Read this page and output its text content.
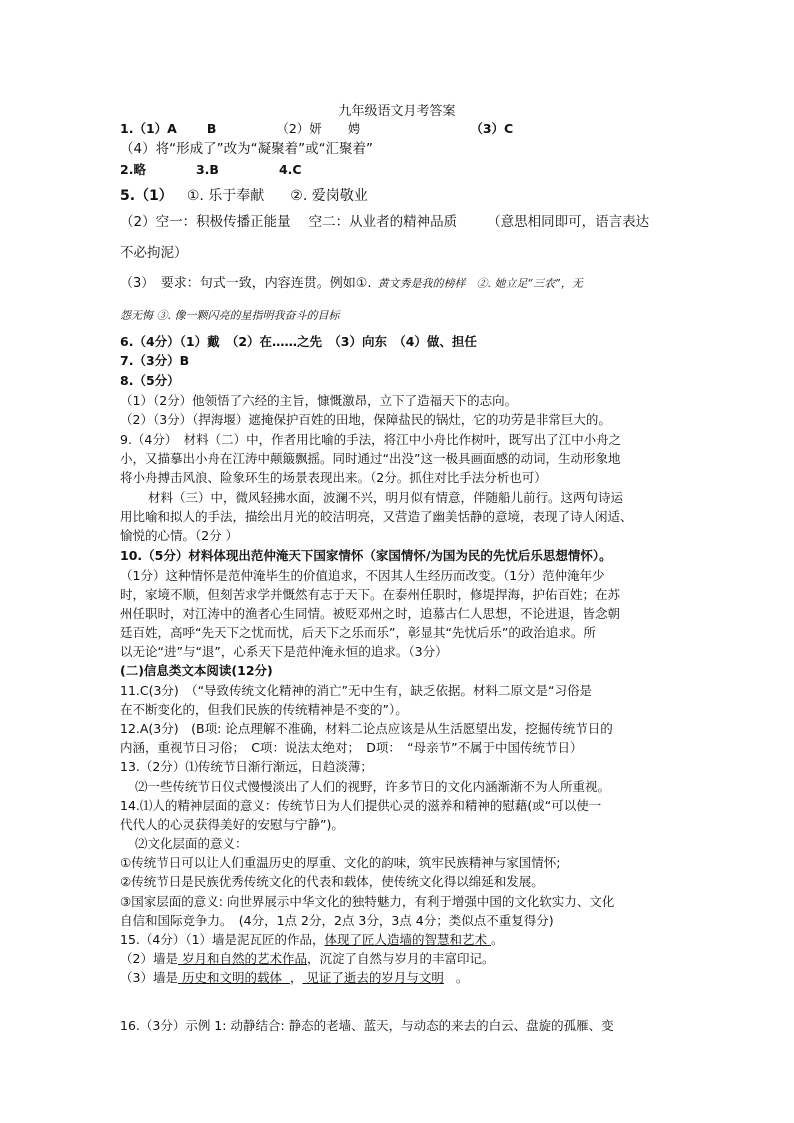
九年级语文月考答案
1.（1）A B	（2）妍 娉	（3）C
（4）将“形成了”改为“凝聚着”或“汇聚着”
2.略	3.B	4.C
5.（1） ①. 乐于奉献 ②. 爱岗敬业
（2）空一：积极传播正能量 空二：从业者的精神品质 （意思相同即可，语言表达
不必拘泥）
（3）　要求：句式一致，内容连贯。例如①. 黄文秀是我的榜样　②. 她立足“三农”，无
怨无悔 ③. 像一颗闪亮的星指明我奋斗的目标
6.（4分）（1）戴　（2）在……之先　（3）向东　（4）做、担任
7.（3分）B
8.（5分）
（1）（2分）他领悟了六经的主旨，慷慨激昂，立下了造福天下的志向。
（2）（3分）（捍海堰）遮掩保护百姓的田地，保障盐民的锅灶，它的功劳是非常巨大的。
9.（4分）　材料（二）中，作者用比喻的手法，将江中小舟比作树叶，既写出了江中小舟之
小，又描摹出小舟在江涛中颠簸飘摇。同时通过“出没”这一极具画面感的动词，生动形象地
将小舟搏击风浪、险象环生的场景表现出来。（2分。抓住对比手法分析也可）
材料（三）中，微风轻拂水面，波澜不兴，明月似有情意，伴随船儿前行。这两句诗运
用比喻和拟人的手法，描绘出月光的皎洁明亮，又营造了幽美恬静的意境，表现了诗人闲适、
愉悦的心情。（2分 ）
10.（5分）材料体现出范仲淹天下国家情怀（家国情怀/为国为民的先忧后乐思想情怀）。
（1分）这种情怀是范仲淹毕生的价值追求，不因其人生经历而改变。（1分）范仲淹年少
时，家境不顺，但刻苦求学并慨然有志于天下。在泰州任职时，修堤捍海，护佑百姓；在苏
州任职时，对江涛中的渔者心生同情。被贬邓州之时，追慕古仁人思想，不论进退，皆念朝
廷百姓，高呼“先天下之忧而忧，后天下之乐而乐”，彰显其“先忧后乐”的政治追求。所
以无论“进”与“退”，心系天下是范仲淹永恒的追求。（3分）
(二)信息类文本阅读(12分)
11.C(3分)　（“导致传统文化精神的消亡”无中生有，缺乏依据。材料二原文是“习俗是
在不断变化的，但我们民族的传统精神是不变的”）。
12.A(3分)　(B项: 论点理解不准确，材料二论点应该是从生活愿望出发，挖掘传统节日的
内涵，重视节日习俗；　C项：说法太绝对；　D项：　“母亲节”不属于中国传统节日）
13.（2分）⑴传统节日渐行渐远，日趋淡薄；
⑵一些传统节日仪式慢慢淡出了人们的视野，许多节日的文化内涵渐渐不为人所重视。
14.⑴人的精神层面的意义：传统节日为人们提供心灵的滋养和精神的慰藉(或“可以使一
代代人的心灵获得美好的安慰与宁静”)。
⑵文化层面的意义：
①传统节日可以让人们重温历史的厚重、文化的韵味，筑牢民族精神与家国情怀;
②传统节日是民族优秀传统文化的代表和载体，使传统文化得以绵延和发展。
③国家层面的意义: 向世界展示中华文化的独特魅力，有利于增强中国的文化软实力、文化
自信和国际竞争力。　(4分，1点 2分，2点 3分，3点 4分；类似点不重复得分)
15.（4分）（1）墙是泥瓦匠的作品，体现了匠人造墙的智慧和艺术 。
（2）墙是 岁月和自然的艺术作品，沉淀了自然与岁月的丰富印记。
（3）墙是 历史和文明的载体 ， 见证了逝去的岁月与文明 。
16.（3分）示例 1: 动静结合: 静态的老墙、蓝天，与动态的来去的白云、盘旋的孤雁、变
